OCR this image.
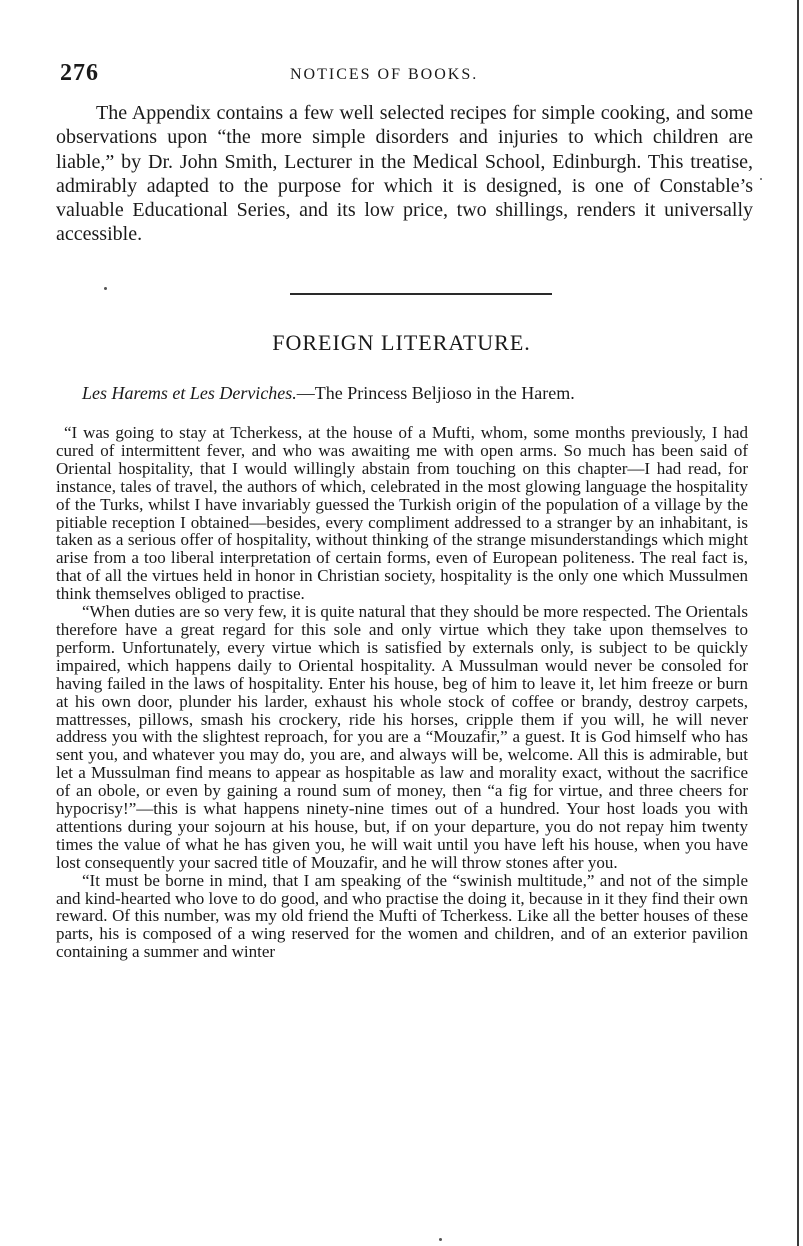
276	NOTICES OF BOOKS.

The Appendix contains a few well selected recipes for simple cooking, and some observations upon “the more simple disorders and injuries to which children are liable,” by Dr. John Smith, Lecturer in the Medical School, Edinburgh. This treatise, admirably adapted to the purpose for which it is designed, is one of Constable’s valuable Educational Series, and its low price, two shillings, renders it universally accessible.

FOREIGN LITERATURE.
Les Harems et Les Derviches.—The Princess Beljioso in the Harem.

“I was going to stay at Tcherkess, at the house of a Mufti, whom, some months previously, I had cured of intermittent fever, and who was awaiting me with open arms. So much has been said of Oriental hospitality, that I would willingly abstain from touching on this chapter—I had read, for instance, tales of travel, the authors of which, celebrated in the most glowing language the hospitality of the Turks, whilst I have invariably guessed the Turkish origin of the population of a village by the pitiable reception I obtained—besides, every compliment addressed to a stranger by an inhabitant, is taken as a serious offer of hospitality, without thinking of the strange misunderstandings which might arise from a too liberal interpretation of certain forms, even of European politeness. The real fact is, that of all the virtues held in honor in Christian society, hospitality is the only one which Mussulmen think themselves obliged to practise.

“When duties are so very few, it is quite natural that they should be more respected. The Orientals therefore have a great regard for this sole and only virtue which they take upon themselves to perform. Unfortunately, every virtue which is satisfied by externals only, is subject to be quickly impaired, which happens daily to Oriental hospitality. A Mussulman would never be consoled for having failed in the laws of hospitality. Enter his house, beg of him to leave it, let him freeze or burn at his own door, plunder his larder, exhaust his whole stock of coffee or brandy, destroy carpets, mattresses, pillows, smash his crockery, ride his horses, cripple them if you will, he will never address you with the slightest reproach, for you are a “Mouzafir,” a guest. It is God himself who has sent you, and whatever you may do, you are, and always will be, welcome. All this is admirable, but let a Mussulman find means to appear as hospitable as law and morality exact, without the sacrifice of an obole, or even by gaining a round sum of money, then “a fig for virtue, and three cheers for hypocrisy!”—this is what happens ninety-nine times out of a hundred. Your host loads you with attentions during your sojourn at his house, but, if on your departure, you do not repay him twenty times the value of what he has given you, he will wait until you have left his house, when you have lost consequently your sacred title of Mouzafir, and he will throw stones after you.

“It must be borne in mind, that I am speaking of the “swinish multitude,” and not of the simple and kind-hearted who love to do good, and who practise the doing it, because in it they find their own reward. Of this number, was my old friend the Mufti of Tcherkess. Like all the better houses of these parts, his is composed of a wing reserved for the women and children, and of an exterior pavilion containing a summer and winter
